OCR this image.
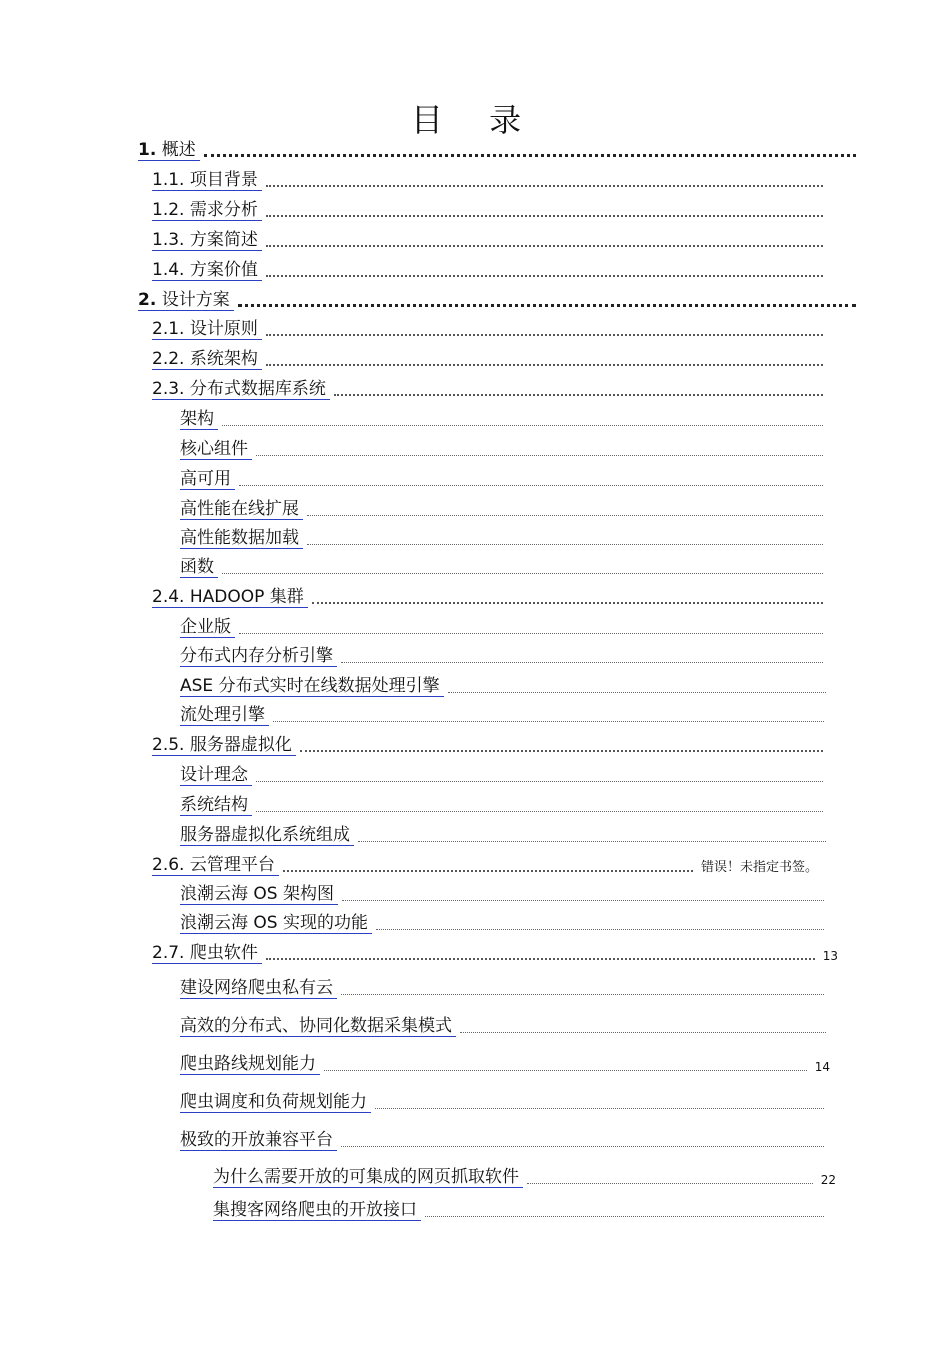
目 录
1. 概述
1.1. 项目背景
1.2. 需求分析
1.3. 方案简述
1.4. 方案价值
2. 设计方案
2.1. 设计原则
2.2. 系统架构
2.3. 分布式数据库系统
架构
核心组件
高可用
高性能在线扩展
高性能数据加载
函数
2.4. HADOOP 集群
企业版
分布式内存分析引擎
ASE 分布式实时在线数据处理引擎
流处理引擎
2.5. 服务器虚拟化
设计理念
系统结构
服务器虚拟化系统组成
2.6. 云管理平台	错误！未指定书签。
浪潮云海 OS 架构图
浪潮云海 OS 实现的功能
2.7. 爬虫软件	13
建设网络爬虫私有云
高效的分布式、协同化数据采集模式
爬虫路线规划能力	14
爬虫调度和负荷规划能力
极致的开放兼容平台
为什么需要开放的可集成的网页抓取软件	22
集搜客网络爬虫的开放接口
